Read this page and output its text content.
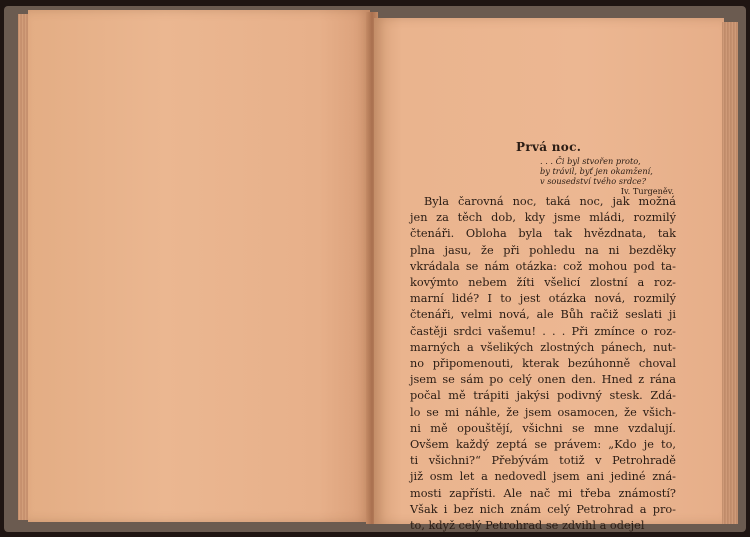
Prvá noc.
. . . Či byl stvořen proto,
by trávil, byť jen okamžení,
v sousedství tvého srdce?
Iv. Turgeněv.
Byla čarovná noc, taká noc, jak možná
jen za těch dob, kdy jsme mládi, rozmilý
čtenáři. Obloha byla tak hvězdnata, tak
plna jasu, že při pohledu na ni bezděky
vkrádala se nám otázka: což mohou pod ta-
kovýmto nebem žíti všelicí zlostní a roz-
marní lidé? I to jest otázka nová, rozmilý
čtenáři, velmi nová, ale Bůh račiž seslati ji
častěji srdci vašemu! . . . Při zmínce o roz-
marných a všelikých zlostných pánech, nut-
no připomenouti, kterak bezúhonně choval
jsem se sám po celý onen den. Hned z rána
počal mě trápiti jakýsi podivný stesk. Zdá-
lo se mi náhle, že jsem osamocen, že všich-
ni mě opouštějí, všichni se mne vzdalují.
Ovšem každý zeptá se právem: „Kdo je to,
ti všichni?“ Přebývám totiž v Petrohradě
již osm let a nedovedl jsem ani jediné zná-
mosti zapřísti. Ale nač mi třeba známostí?
Však i bez nich znám celý Petrohrad a pro-
to, když celý Petrohrad se zdvihl a odejel
